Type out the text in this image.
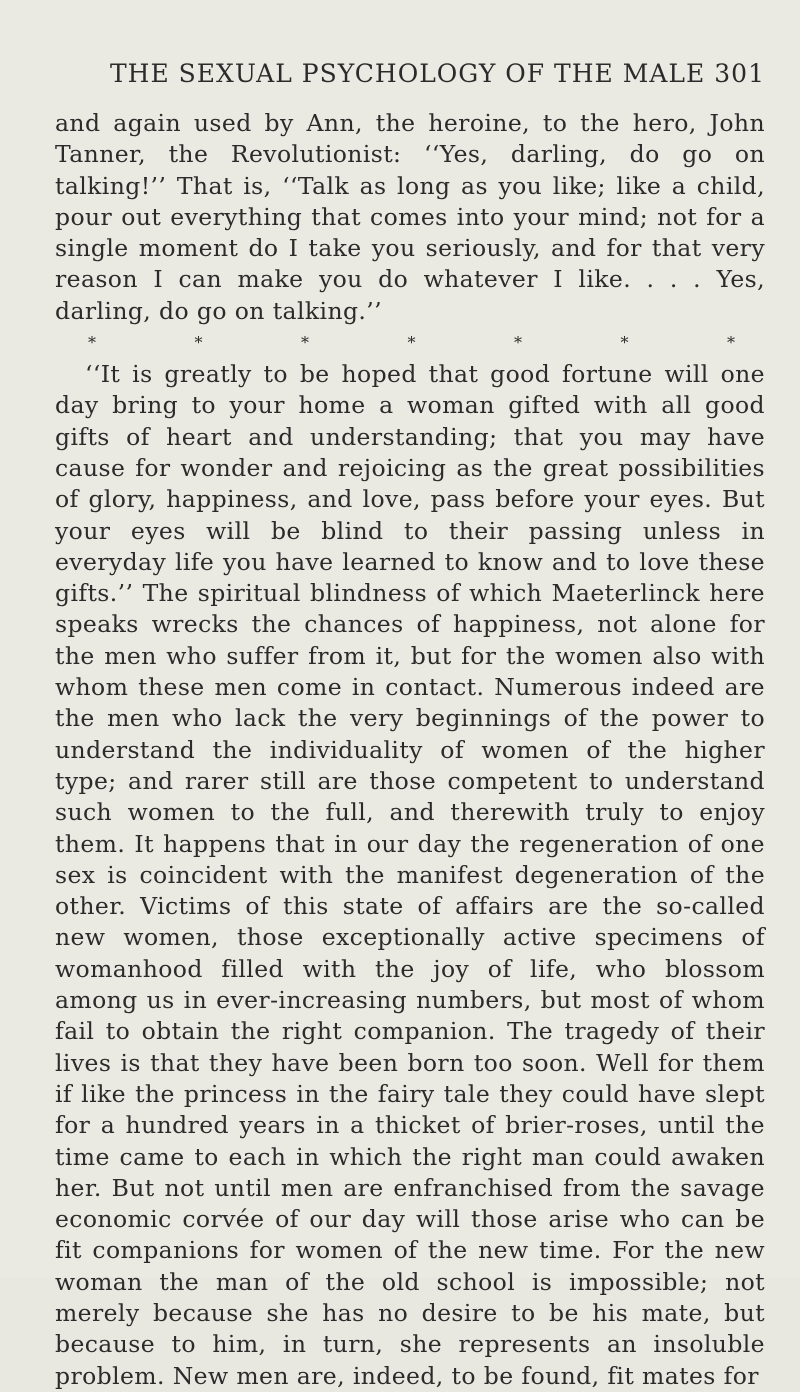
THE SEXUAL PSYCHOLOGY OF THE MALE 301

and again used by Ann, the heroine, to the hero, John Tanner, the Revolutionist: ‘‘Yes, darling, do go on talking!’’ That is, ‘‘Talk as long as you like; like a child, pour out everything that comes into your mind; not for a single moment do I take you seriously, and for that very reason I can make you do whatever I like. . . . Yes, darling, do go on talking.’’

*	*	*	*	*	*	*

‘‘It is greatly to be hoped that good fortune will one day bring to your home a woman gifted with all good gifts of heart and understanding; that you may have cause for wonder and rejoicing as the great possibilities of glory, happiness, and love, pass before your eyes. But your eyes will be blind to their passing unless in everyday life you have learned to know and to love these gifts.’’ The spiritual blindness of which Maeterlinck here speaks wrecks the chances of happiness, not alone for the men who suffer from it, but for the women also with whom these men come in contact. Numerous indeed are the men who lack the very beginnings of the power to understand the individuality of women of the higher type; and rarer still are those competent to understand such women to the full, and therewith truly to enjoy them. It happens that in our day the regeneration of one sex is coincident with the manifest degeneration of the other. Victims of this state of affairs are the so-called new women, those exceptionally active specimens of womanhood filled with the joy of life, who blossom among us in ever-increasing numbers, but most of whom fail to obtain the right companion. The tragedy of their lives is that they have been born too soon. Well for them if like the princess in the fairy tale they could have slept for a hundred years in a thicket of brier-roses, until the time came to each in which the right man could awaken her. But not until men are enfranchised from the savage economic corvée of our day will those arise who can be fit companions for women of the new time. For the new woman the man of the old school is impossible; not merely because she has no desire to be his mate, but because to him, in turn, she represents an insoluble problem. New men are, indeed, to be found, fit mates for
